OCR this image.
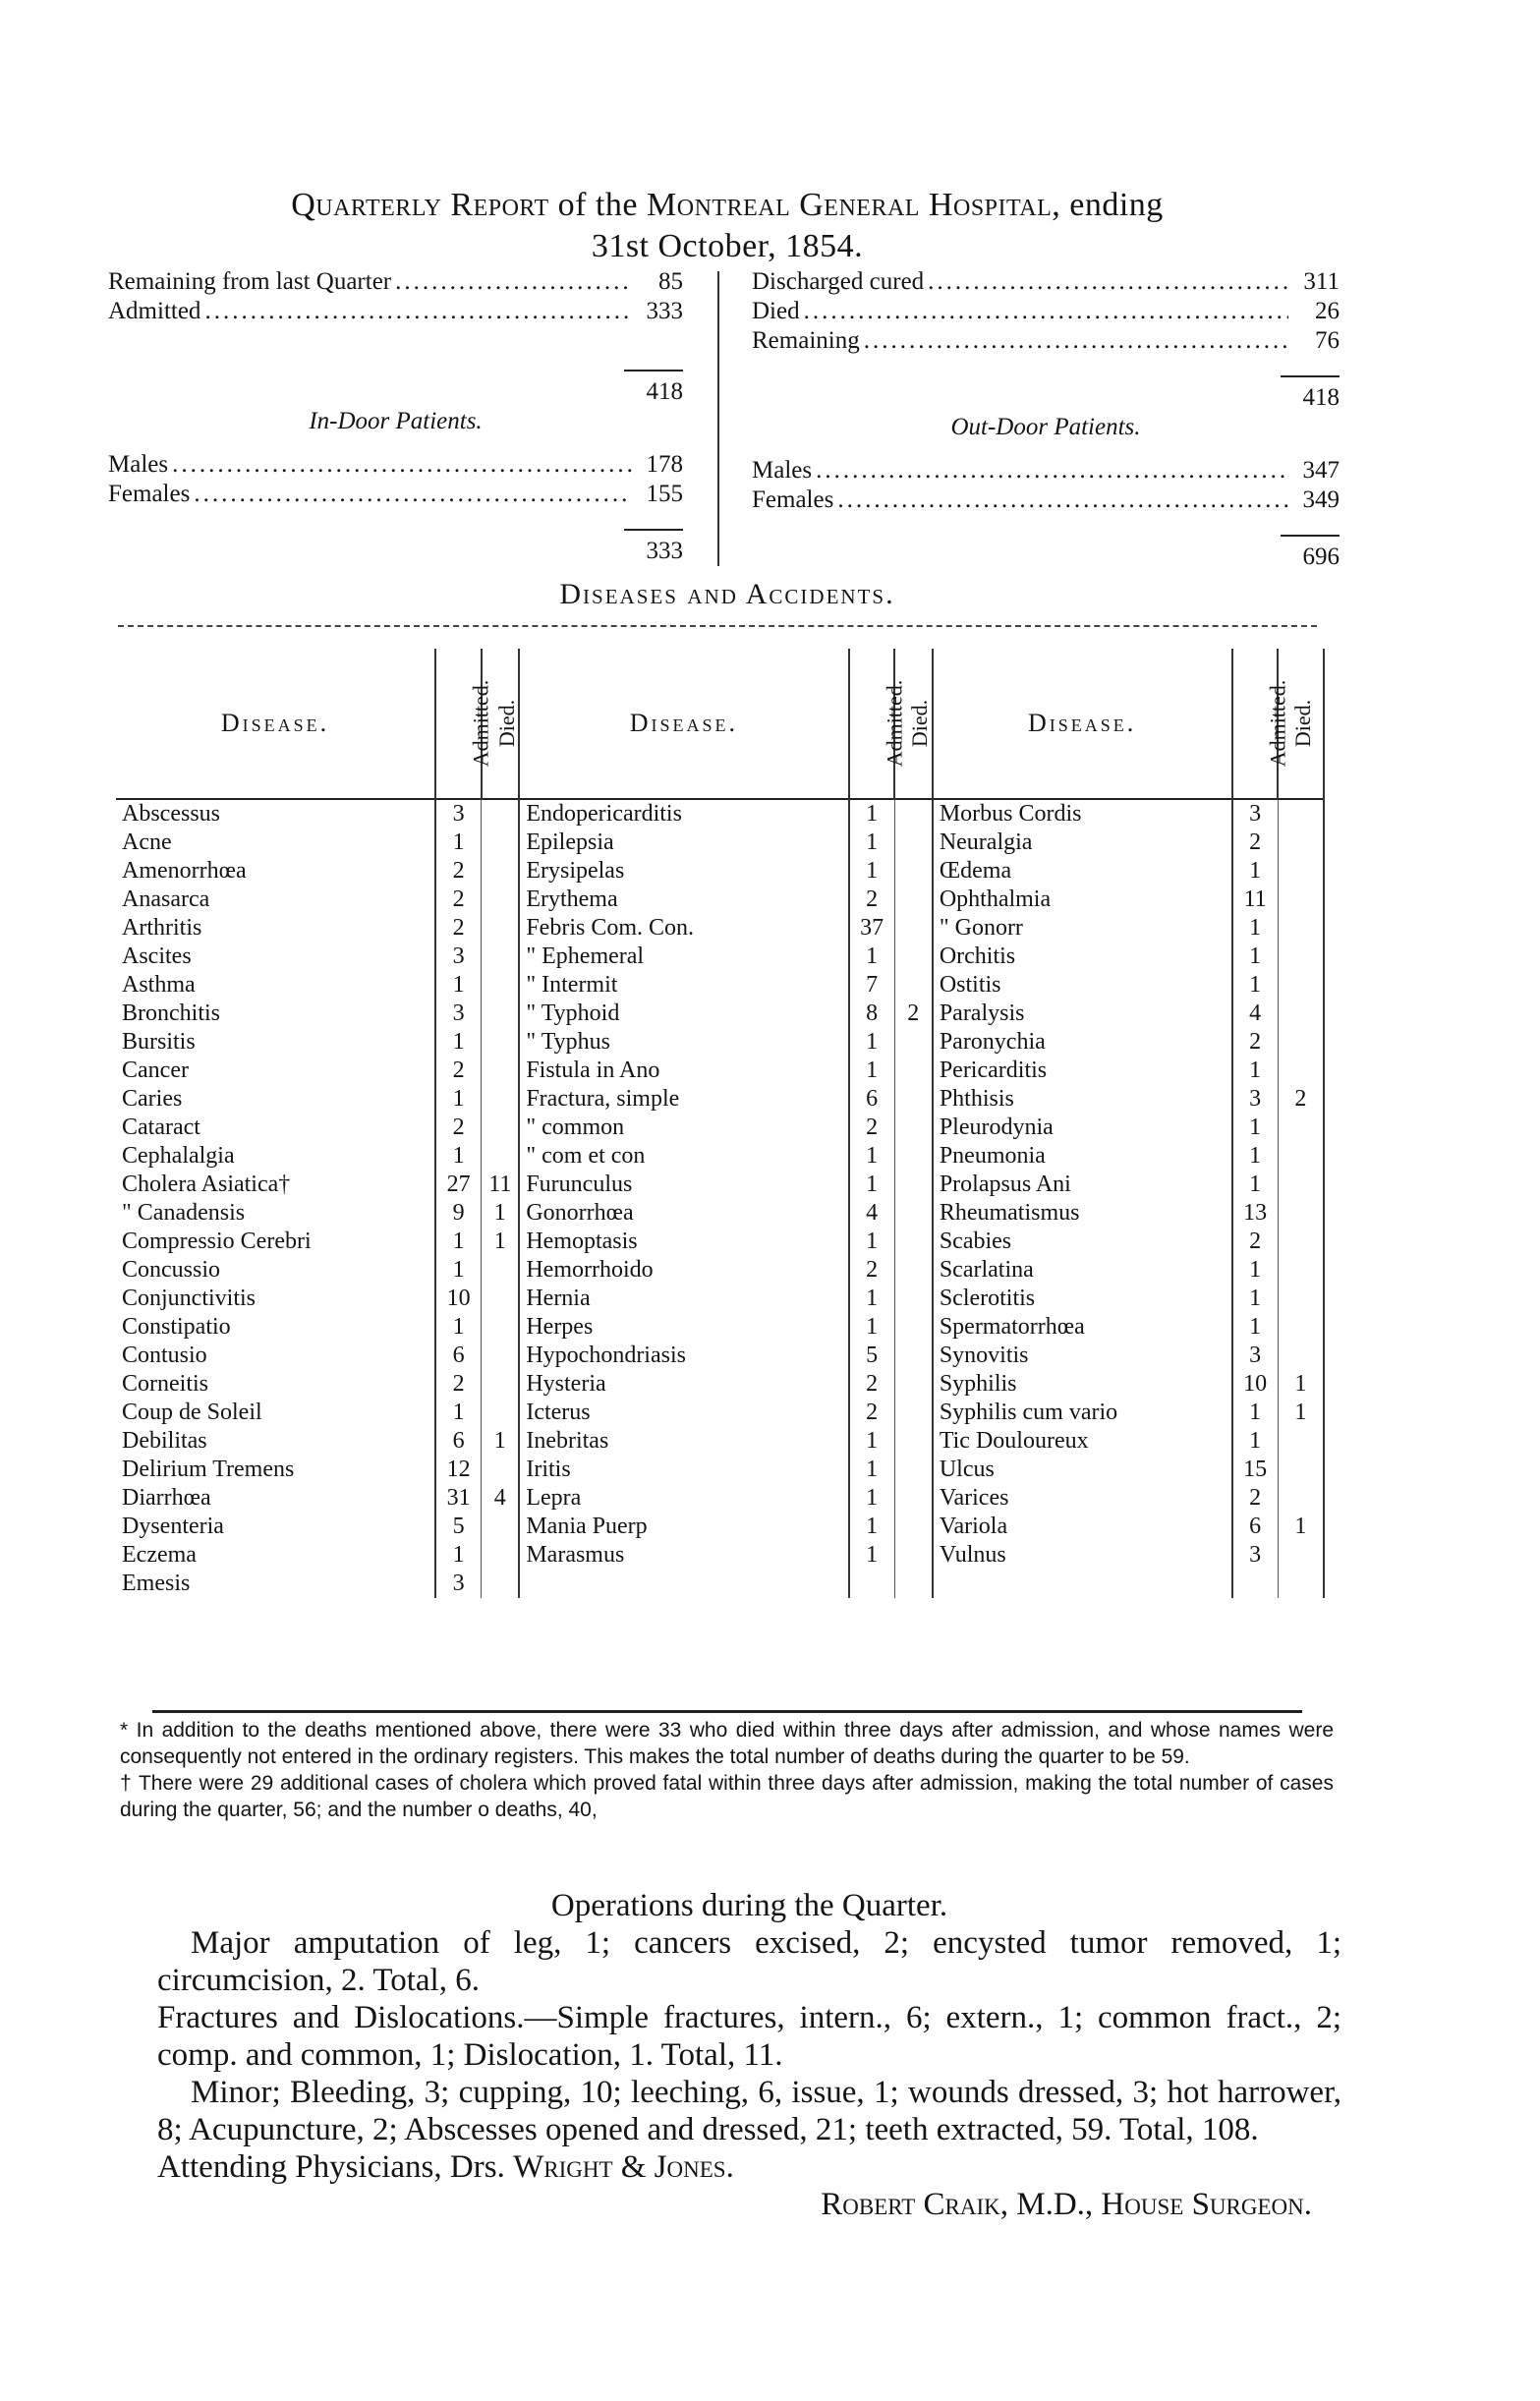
Quarterly Report of the Montreal General Hospital, ending
31st October, 1854.
Remaining from last Quarter .....	85
Admitted .....	333
418
In-Door Patients.
Males .....	178
Females .....	155
333
Discharged cured .....	311
Died .....	26
Remaining .....	76
418
Out-Door Patients.
Males .....	347
Females .....	349
696
Diseases and Accidents.
Disease.	Admitted.	Died.	Disease.	Admitted.	Died.	Disease.	Admitted.	Died.
Abscessus	3		Endopericarditis	1		Morbus Cordis	3	
Acne	1		Epilepsia	1		Neuralgia	2	
Amenorrhœa	2		Erysipelas	1		Œdema	1	
Anasarca	2		Erythema	2		Ophthalmia	11	
Arthritis	2		Febris Com. Con.	37		" Gonorr	1	
Ascites	3		" Ephemeral	1		Orchitis	1	
Asthma	1		" Intermit	7		Ostitis	1	
Bronchitis	3		" Typhoid	8	2	Paralysis	4	
Bursitis	1		" Typhus	1		Paronychia	2	
Cancer	2		Fistula in Ano	1		Pericarditis	1	
Caries	1		Fractura, simple	6		Phthisis	3	2
Cataract	2		" common	2		Pleurodynia	1	
Cephalalgia	1		" com et con	1		Pneumonia	1	
Cholera Asiatica†	27	11	Furunculus	1		Prolapsus Ani	1	
" Canadensis	9	1	Gonorrhœa	4		Rheumatismus	13	
Compressio Cerebri	1	1	Hemoptasis	1		Scabies	2	
Concussio	1		Hemorrhoido	2		Scarlatina	1	
Conjunctivitis	10		Hernia	1		Sclerotitis	1	
Constipatio	1		Herpes	1		Spermatorrhœa	1	
Contusio	6		Hypochondriasis	5		Synovitis	3	
Corneitis	2		Hysteria	2		Syphilis	10	1
Coup de Soleil	1		Icterus	2		Syphilis cum vario	1	1
Debilitas	6	1	Inebritas	1		Tic Douloureux	1	
Delirium Tremens	12		Iritis	1		Ulcus	15	
Diarrhœa	31	4	Lepra	1		Varices	2	
Dysenteria	5		Mania Puerp	1		Variola	6	1
Eczema	1		Marasmus	1		Vulnus	3	
Emesis	3							

* In addition to the deaths mentioned above, there were 33 who died within three days after admission, and whose names were consequently not entered in the ordinary registers. This makes the total number of deaths during the quarter to be 59.

† There were 29 additional cases of cholera which proved fatal within three days after admission, making the total number of cases during the quarter, 56; and the number o deaths, 40,

Operations during the Quarter.

Major amputation of leg, 1; cancers excised, 2; encysted tumor removed, 1; circumcision, 2. Total, 6.

Fractures and Dislocations.—Simple fractures, intern., 6; extern., 1; common fract., 2; comp. and common, 1; Dislocation, 1. Total, 11.

Minor; Bleeding, 3; cupping, 10; leeching, 6, issue, 1; wounds dressed, 3; hot harrower, 8; Acupuncture, 2; Abscesses opened and dressed, 21; teeth extracted, 59. Total, 108.

Attending Physicians, Drs. Wright & Jones.

Robert Craik, M.D., House Surgeon.
